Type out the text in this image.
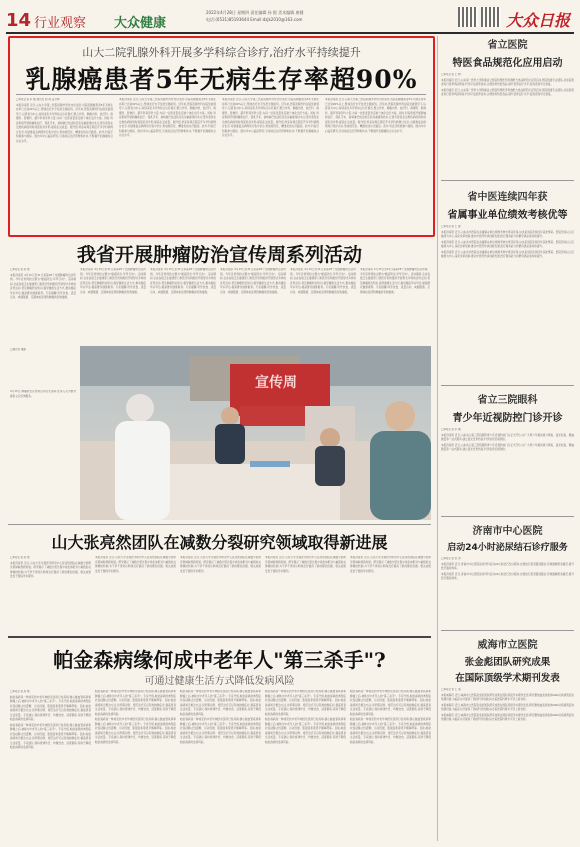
14 行业观察 大众健康
2022年4月28日 星期四 责任编辑 孙 熙 美术编辑 康健
电话:(0531)85193644 Email:dzjk2010@163.com	大众日报
山大二院乳腺外科开展多学科综合诊疗,治疗水平持续提升
乳腺癌患者5年无病生存率超90%

□本报记者 李 健 通讯员 赵 萌 孟令辉

本报济南讯 近日,山东大学第二医院乳腺外科传出好消息:该院乳腺癌患者5年无病生存率已达到90%以上,整体治疗水平位居全国前列。近年来,医院乳腺外科在院党委领导下,以患者为中心,持续深化多学科综合诊疗模式,整合外科、肿瘤内科、放疗科、病理科、影像科、超声科等学科力量,为每一位患者量身定制个体化治疗方案。同时,科室积极开展新辅助治疗、保乳手术、前哨淋巴结活检及乳房重建等技术,让更多患者在治愈疾病的同时保留乳房外形,提高生活质量。据介绍,科室每周定期召开多学科病例讨论会,对疑难复杂病例进行集中会诊,形成规范化、精准化的诊疗路径。此外,科室还积极参与国际、国内多中心临床研究,引进前沿治疗药物和技术,不断提升乳腺癌综合诊治水平。

本报济南讯 近日,山东大学第二医院乳腺外科传出好消息:该院乳腺癌患者5年无病生存率已达到90%以上,整体治疗水平位居全国前列。近年来,医院乳腺外科在院党委领导下,以患者为中心,持续深化多学科综合诊疗模式,整合外科、肿瘤内科、放疗科、病理科、影像科、超声科等学科力量,为每一位患者量身定制个体化治疗方案。同时,科室积极开展新辅助治疗、保乳手术、前哨淋巴结活检及乳房重建等技术,让更多患者在治愈疾病的同时保留乳房外形,提高生活质量。据介绍,科室每周定期召开多学科病例讨论会,对疑难复杂病例进行集中会诊,形成规范化、精准化的诊疗路径。此外,科室还积极参与国际、国内多中心临床研究,引进前沿治疗药物和技术,不断提升乳腺癌综合诊治水平。
本报济南讯 近日,山东大学第二医院乳腺外科传出好消息:该院乳腺癌患者5年无病生存率已达到90%以上,整体治疗水平位居全国前列。近年来,医院乳腺外科在院党委领导下,以患者为中心,持续深化多学科综合诊疗模式,整合外科、肿瘤内科、放疗科、病理科、影像科、超声科等学科力量,为每一位患者量身定制个体化治疗方案。同时,科室积极开展新辅助治疗、保乳手术、前哨淋巴结活检及乳房重建等技术,让更多患者在治愈疾病的同时保留乳房外形,提高生活质量。据介绍,科室每周定期召开多学科病例讨论会,对疑难复杂病例进行集中会诊,形成规范化、精准化的诊疗路径。此外,科室还积极参与国际、国内多中心临床研究,引进前沿治疗药物和技术,不断提升乳腺癌综合诊治水平。
本报济南讯 近日,山东大学第二医院乳腺外科传出好消息:该院乳腺癌患者5年无病生存率已达到90%以上,整体治疗水平位居全国前列。近年来,医院乳腺外科在院党委领导下,以患者为中心,持续深化多学科综合诊疗模式,整合外科、肿瘤内科、放疗科、病理科、影像科、超声科等学科力量,为每一位患者量身定制个体化治疗方案。同时,科室积极开展新辅助治疗、保乳手术、前哨淋巴结活检及乳房重建等技术,让更多患者在治愈疾病的同时保留乳房外形,提高生活质量。据介绍,科室每周定期召开多学科病例讨论会,对疑难复杂病例进行集中会诊,形成规范化、精准化的诊疗路径。此外,科室还积极参与国际、国内多中心临床研究,引进前沿治疗药物和技术,不断提升乳腺癌综合诊治水平。
省立医院
特医食品规范化应用启动

□本报记者 王 晓

本报济南讯 近日,山东第一医科大学附属省立医院特殊医学用途配方食品规范化应用启动,医院组建专业团队,对住院患者进行营养风险筛查,科学评估营养需求,合理选用特医食品,提升营养治疗水平,促进患者早日康复。

本报济南讯 近日,山东第一医科大学附属省立医院特殊医学用途配方食品规范化应用启动,医院组建专业团队,对住院患者进行营养风险筛查,科学评估营养需求,合理选用特医食品,提升营养治疗水平,促进患者早日康复。

省中医连续四年获
省属事业单位绩效考核优等

□本报记者 王 建

本报济南讯 近日,山东省中医院在省属事业单位绩效考核中再获优等,这也是该院连续四年获此殊荣。医院坚持以人民健康为中心,深化改革创新,推动中医药传承创新发展,医疗服务能力和群众满意度持续提升。

本报济南讯 近日,山东省中医院在省属事业单位绩效考核中再获优等,这也是该院连续四年获此殊荣。医院坚持以人民健康为中心,深化改革创新,推动中医药传承创新发展,医疗服务能力和群众满意度持续提升。

本报济南讯 近日,山东省中医院在省属事业单位绩效考核中再获优等,这也是该院连续四年获此殊荣。医院坚持以人民健康为中心,深化改革创新,推动中医药传承创新发展,医疗服务能力和群众满意度持续提升。

省立三院眼科
青少年近视防控门诊开诊

□本报记者 李 娜

本报济南讯 近日,山东省立第三医院眼科青少年近视防控门诊正式开诊,为广大青少年提供视力筛查、屈光检查、眼轴测量等一站式服务,建立屈光发育档案,科学指导近视防控。

本报济南讯 近日,山东省立第三医院眼科青少年近视防控门诊正式开诊,为广大青少年提供视力筛查、屈光检查、眼轴测量等一站式服务,建立屈光发育档案,科学指导近视防控。

济南市中心医院
启动24小时泌尿结石诊疗服务

□本报记者 张 伟

本报济南讯 近日,济南市中心医院泌尿外科启动24小时结石急诊服务,实现结石患者随到随治,有效缓解患者痛苦,提升医疗服务效率。

本报济南讯 近日,济南市中心医院泌尿外科启动24小时结石急诊服务,实现结石患者随到随治,有效缓解患者痛苦,提升医疗服务效率。

威海市立医院
张金彪团队研究成果
在国际顶级学术期刊发表

□本报记者 王 成

本报威海讯 近日,威海市立医院张金彪团队研究成果在国际顶级学术期刊发表,研究聚焦血液线粒体DNA对疾病预后的预测价值,为临床诊疗提供了新的科学依据,标志着医院科研水平迈上新台阶。

本报威海讯 近日,威海市立医院张金彪团队研究成果在国际顶级学术期刊发表,研究聚焦血液线粒体DNA对疾病预后的预测价值,为临床诊疗提供了新的科学依据,标志着医院科研水平迈上新台阶。

本报威海讯 近日,威海市立医院张金彪团队研究成果在国际顶级学术期刊发表,研究聚焦血液线粒体DNA对疾病预后的预测价值,为临床诊疗提供了新的科学依据,标志着医院科研水平迈上新台阶。

我省开展肿瘤防治宣传周系列活动

□本报记者 孙 熙

本报济南讯 4月15日至21日是第28个全国肿瘤防治宣传周。今年宣传周的主题为"癌症防治,早早行动"。活动期间,全省各级卫生健康部门和医疗机构组织开展形式多样的宣传活动,普及肿瘤防治知识,倡导健康生活方式,推动癌症早诊早治,提高群众健康素养。专家提醒,科学饮食、适量运动、戒烟限酒、定期体检是预防肿瘤的有效措施。

本报济南讯 4月15日至21日是第28个全国肿瘤防治宣传周。今年宣传周的主题为"癌症防治,早早行动"。活动期间,全省各级卫生健康部门和医疗机构组织开展形式多样的宣传活动,普及肿瘤防治知识,倡导健康生活方式,推动癌症早诊早治,提高群众健康素养。专家提醒,科学饮食、适量运动、戒烟限酒、定期体检是预防肿瘤的有效措施。
本报济南讯 4月15日至21日是第28个全国肿瘤防治宣传周。今年宣传周的主题为"癌症防治,早早行动"。活动期间,全省各级卫生健康部门和医疗机构组织开展形式多样的宣传活动,普及肿瘤防治知识,倡导健康生活方式,推动癌症早诊早治,提高群众健康素养。专家提醒,科学饮食、适量运动、戒烟限酒、定期体检是预防肿瘤的有效措施。
本报济南讯 4月15日至21日是第28个全国肿瘤防治宣传周。今年宣传周的主题为"癌症防治,早早行动"。活动期间,全省各级卫生健康部门和医疗机构组织开展形式多样的宣传活动,普及肿瘤防治知识,倡导健康生活方式,推动癌症早诊早治,提高群众健康素养。专家提醒,科学饮食、适量运动、戒烟限酒、定期体检是预防肿瘤的有效措施。
本报济南讯 4月15日至21日是第28个全国肿瘤防治宣传周。今年宣传周的主题为"癌症防治,早早行动"。活动期间,全省各级卫生健康部门和医疗机构组织开展形式多样的宣传活动,普及肿瘤防治知识,倡导健康生活方式,推动癌症早诊早治,提高群众健康素养。专家提醒,科学饮食、适量运动、戒烟限酒、定期体检是预防肿瘤的有效措施。
本报济南讯 4月15日至21日是第28个全国肿瘤防治宣传周。今年宣传周的主题为"癌症防治,早早行动"。活动期间,全省各级卫生健康部门和医疗机构组织开展形式多样的宣传活动,普及肿瘤防治知识,倡导健康生活方式,推动癌症早诊早治,提高群众健康素养。专家提醒,科学饮食、适量运动、戒烟限酒、定期体检是预防肿瘤的有效措施。

□通讯员 摄影

4月15日,肿瘤防治宣传周启动仪式现场,医务人员为群众提供义诊咨询服务。
宣传周
山大张亮然团队在减数分裂研究领域取得新进展

□本报记者 孙 熙

本报济南讯 近日,山东大学生殖医学研究中心张亮然团队在减数分裂研究领域取得新进展。研究揭示了减数分裂过程中染色体配对与重组的关键调控机制,为不孕不育的诊断和治疗提供了新的理论依据。相关成果发表于国际学术期刊。

本报济南讯 近日,山东大学生殖医学研究中心张亮然团队在减数分裂研究领域取得新进展。研究揭示了减数分裂过程中染色体配对与重组的关键调控机制,为不孕不育的诊断和治疗提供了新的理论依据。相关成果发表于国际学术期刊。
本报济南讯 近日,山东大学生殖医学研究中心张亮然团队在减数分裂研究领域取得新进展。研究揭示了减数分裂过程中染色体配对与重组的关键调控机制,为不孕不育的诊断和治疗提供了新的理论依据。相关成果发表于国际学术期刊。
本报济南讯 近日,山东大学生殖医学研究中心张亮然团队在减数分裂研究领域取得新进展。研究揭示了减数分裂过程中染色体配对与重组的关键调控机制,为不孕不育的诊断和治疗提供了新的理论依据。相关成果发表于国际学术期刊。
本报济南讯 近日,山东大学生殖医学研究中心张亮然团队在减数分裂研究领域取得新进展。研究揭示了减数分裂过程中染色体配对与重组的关键调控机制,为不孕不育的诊断和治疗提供了新的理论依据。相关成果发表于国际学术期刊。
帕金森病缘何成中老年人"第三杀手"?
可通过健康生活方式降低发病风险

□本报记者 孙 熙

帕金森病是一种常见的中老年神经系统退行性疾病,继心脑血管疾病和肿瘤之后,被称为中老年人的"第三杀手"。专家介绍,帕金森病的典型症状包括静止性震颤、运动迟缓、肌强直和姿势平衡障碍等。目前,帕金森病尚无根治方法,但早期诊断、规范治疗可以有效控制症状,提高患者生活质量。专家建议,保持规律作息、均衡饮食、适度锻炼,有助于降低帕金森病的发病风险。

帕金森病是一种常见的中老年神经系统退行性疾病,继心脑血管疾病和肿瘤之后,被称为中老年人的"第三杀手"。专家介绍,帕金森病的典型症状包括静止性震颤、运动迟缓、肌强直和姿势平衡障碍等。目前,帕金森病尚无根治方法,但早期诊断、规范治疗可以有效控制症状,提高患者生活质量。专家建议,保持规律作息、均衡饮食、适度锻炼,有助于降低帕金森病的发病风险。

帕金森病是一种常见的中老年神经系统退行性疾病,继心脑血管疾病和肿瘤之后,被称为中老年人的"第三杀手"。专家介绍,帕金森病的典型症状包括静止性震颤、运动迟缓、肌强直和姿势平衡障碍等。目前,帕金森病尚无根治方法,但早期诊断、规范治疗可以有效控制症状,提高患者生活质量。专家建议,保持规律作息、均衡饮食、适度锻炼,有助于降低帕金森病的发病风险。

帕金森病是一种常见的中老年神经系统退行性疾病,继心脑血管疾病和肿瘤之后,被称为中老年人的"第三杀手"。专家介绍,帕金森病的典型症状包括静止性震颤、运动迟缓、肌强直和姿势平衡障碍等。目前,帕金森病尚无根治方法,但早期诊断、规范治疗可以有效控制症状,提高患者生活质量。专家建议,保持规律作息、均衡饮食、适度锻炼,有助于降低帕金森病的发病风险。

帕金森病是一种常见的中老年神经系统退行性疾病,继心脑血管疾病和肿瘤之后,被称为中老年人的"第三杀手"。专家介绍,帕金森病的典型症状包括静止性震颤、运动迟缓、肌强直和姿势平衡障碍等。目前,帕金森病尚无根治方法,但早期诊断、规范治疗可以有效控制症状,提高患者生活质量。专家建议,保持规律作息、均衡饮食、适度锻炼,有助于降低帕金森病的发病风险。

帕金森病是一种常见的中老年神经系统退行性疾病,继心脑血管疾病和肿瘤之后,被称为中老年人的"第三杀手"。专家介绍,帕金森病的典型症状包括静止性震颤、运动迟缓、肌强直和姿势平衡障碍等。目前,帕金森病尚无根治方法,但早期诊断、规范治疗可以有效控制症状,提高患者生活质量。专家建议,保持规律作息、均衡饮食、适度锻炼,有助于降低帕金森病的发病风险。

帕金森病是一种常见的中老年神经系统退行性疾病,继心脑血管疾病和肿瘤之后,被称为中老年人的"第三杀手"。专家介绍,帕金森病的典型症状包括静止性震颤、运动迟缓、肌强直和姿势平衡障碍等。目前,帕金森病尚无根治方法,但早期诊断、规范治疗可以有效控制症状,提高患者生活质量。专家建议,保持规律作息、均衡饮食、适度锻炼,有助于降低帕金森病的发病风险。

帕金森病是一种常见的中老年神经系统退行性疾病,继心脑血管疾病和肿瘤之后,被称为中老年人的"第三杀手"。专家介绍,帕金森病的典型症状包括静止性震颤、运动迟缓、肌强直和姿势平衡障碍等。目前,帕金森病尚无根治方法,但早期诊断、规范治疗可以有效控制症状,提高患者生活质量。专家建议,保持规律作息、均衡饮食、适度锻炼,有助于降低帕金森病的发病风险。

帕金森病是一种常见的中老年神经系统退行性疾病,继心脑血管疾病和肿瘤之后,被称为中老年人的"第三杀手"。专家介绍,帕金森病的典型症状包括静止性震颤、运动迟缓、肌强直和姿势平衡障碍等。目前,帕金森病尚无根治方法,但早期诊断、规范治疗可以有效控制症状,提高患者生活质量。专家建议,保持规律作息、均衡饮食、适度锻炼,有助于降低帕金森病的发病风险。

帕金森病是一种常见的中老年神经系统退行性疾病,继心脑血管疾病和肿瘤之后,被称为中老年人的"第三杀手"。专家介绍,帕金森病的典型症状包括静止性震颤、运动迟缓、肌强直和姿势平衡障碍等。目前,帕金森病尚无根治方法,但早期诊断、规范治疗可以有效控制症状,提高患者生活质量。专家建议,保持规律作息、均衡饮食、适度锻炼,有助于降低帕金森病的发病风险。
